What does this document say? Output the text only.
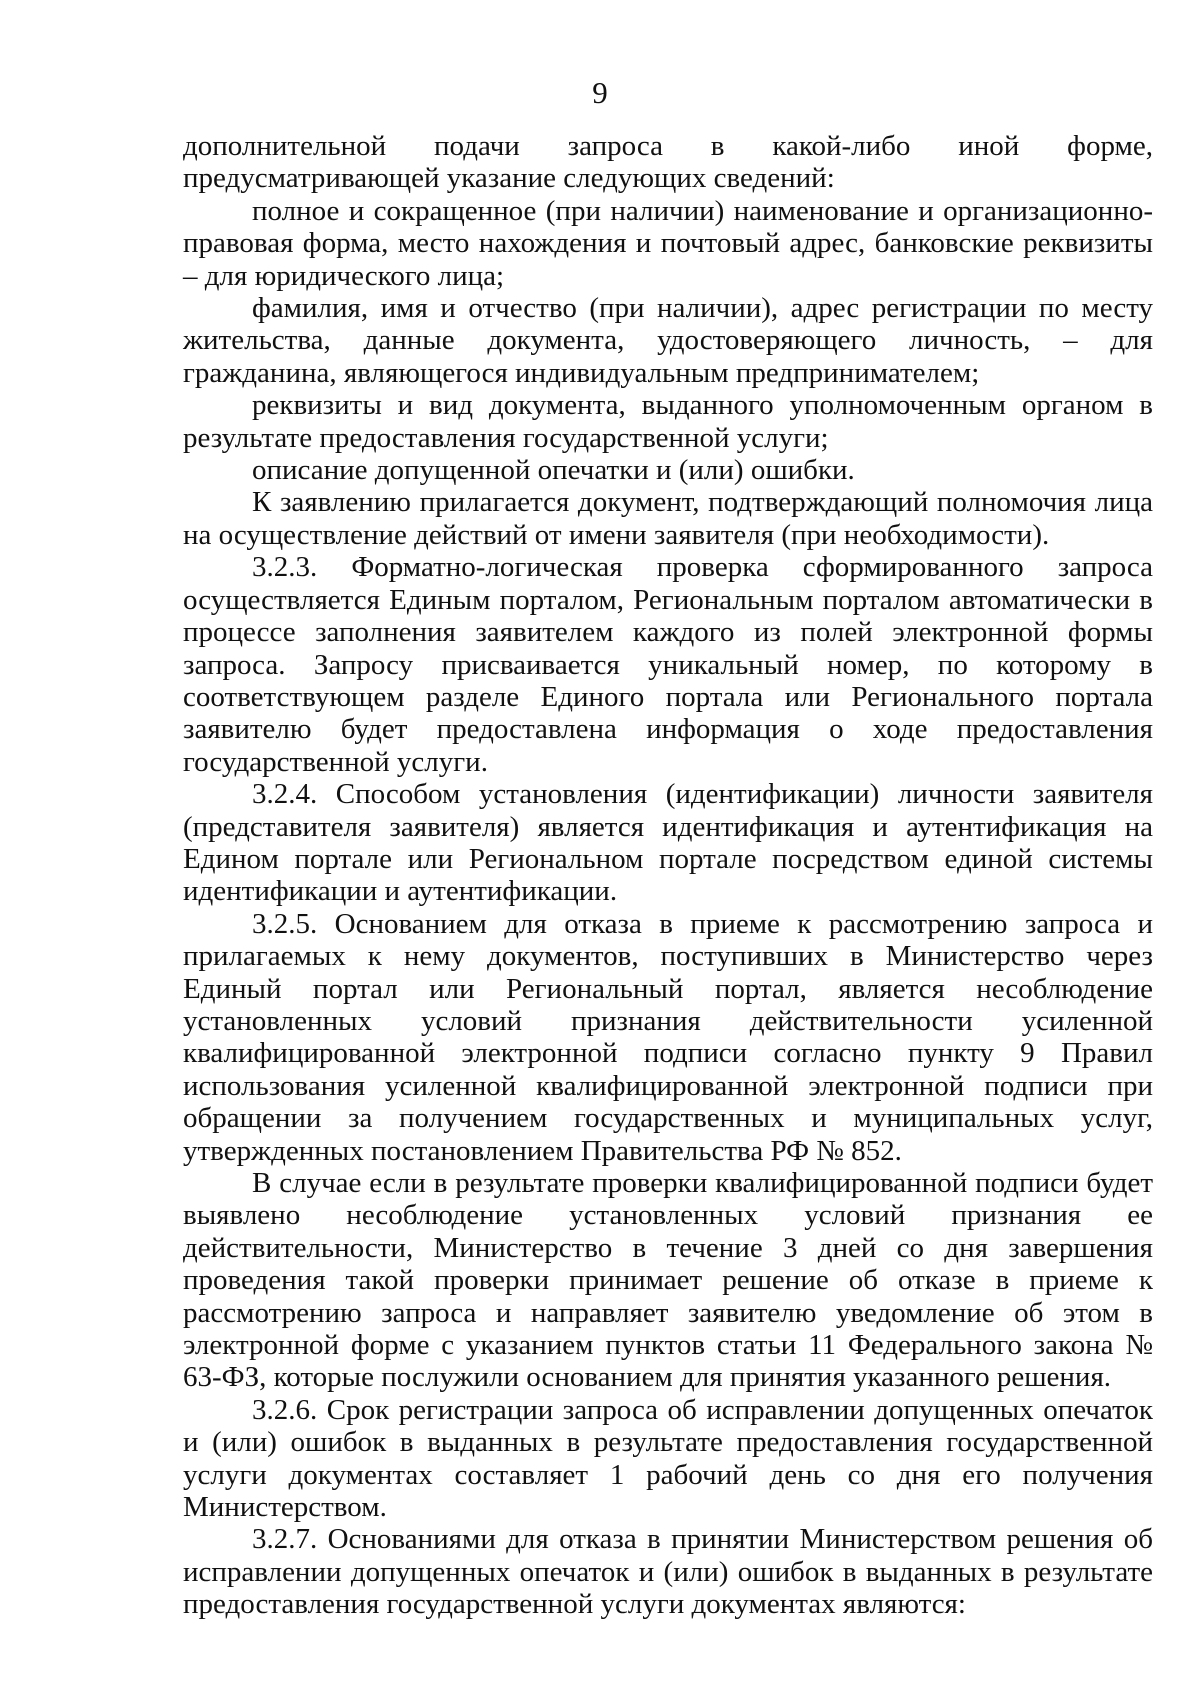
9

дополнительной подачи запроса в какой-либо иной форме, предусматривающей указание следующих сведений:

полное и сокращенное (при наличии) наименование и организационно-правовая форма, место нахождения и почтовый адрес, банковские реквизиты – для юридического лица;

фамилия, имя и отчество (при наличии), адрес регистрации по месту жительства, данные документа, удостоверяющего личность, – для гражданина, являющегося индивидуальным предпринимателем;

реквизиты и вид документа, выданного уполномоченным органом в результате предоставления государственной услуги;

описание допущенной опечатки и (или) ошибки.

К заявлению прилагается документ, подтверждающий полномочия лица на осуществление действий от имени заявителя (при необходимости).

3.2.3. Форматно-логическая проверка сформированного запроса осуществляется Единым порталом, Региональным порталом автоматически в процессе заполнения заявителем каждого из полей электронной формы запроса. Запросу присваивается уникальный номер, по которому в соответствующем разделе Единого портала или Регионального портала заявителю будет предоставлена информация о ходе предоставления государственной услуги.

3.2.4. Способом установления (идентификации) личности заявителя (представителя заявителя) является идентификация и аутентификация на Едином портале или Региональном портале посредством единой системы идентификации и аутентификации.

3.2.5. Основанием для отказа в приеме к рассмотрению запроса и прилагаемых к нему документов, поступивших в Министерство через Единый портал или Региональный портал, является несоблюдение установленных условий признания действительности усиленной квалифицированной электронной подписи согласно пункту 9 Правил использования усиленной квалифицированной электронной подписи при обращении за получением государственных и муниципальных услуг, утвержденных постановлением Правительства РФ № 852.

В случае если в результате проверки квалифицированной подписи будет выявлено несоблюдение установленных условий признания ее действительности, Министерство в течение 3 дней со дня завершения проведения такой проверки принимает решение об отказе в приеме к рассмотрению запроса и направляет заявителю уведомление об этом в электронной форме с указанием пунктов статьи 11 Федерального закона № 63-ФЗ, которые послужили основанием для принятия указанного решения.

3.2.6. Срок регистрации запроса об исправлении допущенных опечаток и (или) ошибок в выданных в результате предоставления государственной услуги документах составляет 1 рабочий день со дня его получения Министерством.

3.2.7. Основаниями для отказа в принятии Министерством решения об исправлении допущенных опечаток и (или) ошибок в выданных в результате предоставления государственной услуги документах являются:
